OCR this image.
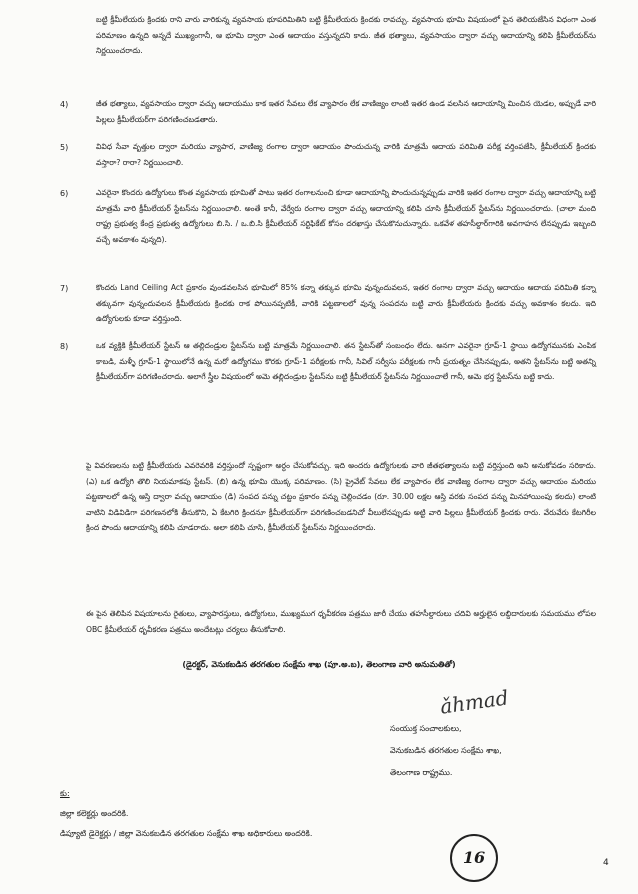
బట్టి క్రీమీలేయరు క్రిందకు రాని వారు వారికున్న వ్యవసాయ భూపరిమితిని బట్టి క్రీమీలేయరు క్రిందకు రావచ్చు. వ్యవసాయ భూమి విషయంలో పైన తెలియజేసిన విధంగా ఎంత పరిమాణం ఉన్నది అన్నదే ముఖ్యంగానీ, ఆ భూమి ద్వారా ఎంత ఆదాయం వస్తున్నదని కాదు. జీత భత్యాలు, వ్యవసాయం ద్వారా వచ్చు ఆదాయాన్ని కలిపి క్రీమీలేయర్‌ను నిర్ణయించరాదు.

4)	జీత భత్యాలు, వ్యవసాయం ద్వారా వచ్చు ఆదాయము కాక ఇతర సేవలు లేక వ్యాపారం లేక వాణిజ్యం లాంటి ఇతర ఉండ వలసిన ఆదాయాన్ని మించిన యెడల, అప్పుడే వారి పిల్లలు క్రీమీలేయర్‌గా పరిగణించబడతారు.

5)	వివిధ సేవా వృత్తుల ద్వారా మరియు వ్యాపార, వాణిజ్య రంగాల ద్వారా ఆదాయం పొందుచున్న వారికి మాత్రమే ఆదాయ పరిమితి పరీక్ష వర్తింపజేసి, క్రీమీలేయర్ క్రిందకు వస్తారా? రారా? నిర్ణయించాలి.

6)	ఎవరైనా కొందరు ఉద్యోగులు కొంత వ్యవసాయ భూమితో పాటు ఇతర రంగాలనుంచి కూడా ఆదాయాన్ని పొందుచున్నప్పుడు వారికి ఇతర రంగాల ద్వారా వచ్చు ఆదాయాన్ని బట్టి మాత్రమే వారి క్రీమీలేయర్ స్టేటస్‌ను నిర్ణయించాలి. అంతే కానీ, వేర్వేరు రంగాల ద్వారా వచ్చు ఆదాయాన్ని కలిపి చూసి క్రీమీలేయర్ స్టేటస్‌ను నిర్ణయించరాదు. (చాలా మంది రాష్ట్ర ప్రభుత్వ కేంద్ర ప్రభుత్వ ఉద్యోగులు బి.సి. / ఒ.బి.సి క్రీమీలేయర్ సర్టిఫికేట్ కోసం దరఖాస్తు చేసుకొనుచున్నారు. ఒకవేళ తహసీల్దార్‌గారికి అవగాహన లేనప్పుడు ఇబ్బంది వచ్చే అవకాశం వున్నది).

7)	కొందరు Land Ceiling Act ప్రకారం వుండవలసిన భూమిలో 85% కన్నా తక్కువ భూమి వున్నందువలన, ఇతర రంగాల ద్వారా వచ్చు ఆదాయం ఆదాయ పరిమితి కన్నా తక్కువగా వున్నందువలన క్రీమీలేయరు క్రిందకు రాక పోయినప్పటికీ, వారికి పట్టణాలలో వున్న సంపదను బట్టి వారు క్రీమీలేయరు క్రిందకు వచ్చు అవకాశం కలదు. ఇది ఉద్యోగులకు కూడా వర్తిస్తుంది.

8)	ఒక వ్యక్తికి క్రీమీలేయర్ స్టేటస్ ఆ తల్లిదండ్రుల స్టేటస్‌ను బట్టి మాత్రమే నిర్ణయించాలి. తన స్టేటస్‌తో సంబంధం లేదు. అనగా ఎవరైనా గ్రూప్-1 స్థాయి ఉద్యోగమునకు ఎంపిక కాబడి, మళ్ళీ గ్రూప్-1 స్థాయిలోనే ఉన్న మరో ఉద్యోగము కొరకు గ్రూప్-1 పరీక్షలకు గానీ, సివిల్ సర్వీసు పరీక్షలకు గానీ ప్రయత్నం చేసినప్పుడు, అతని స్టేటస్‌ను బట్టి అతన్ని క్రీమీలేయర్‌గా పరిగణించరాదు. అలాగే స్త్రీల విషయంలో అమె తల్లిదండ్రుల స్టేటస్‌ను బట్టి క్రీమీలేయర్ స్టేటస్‌ను నిర్ణయించాలే గానీ, అమె భర్త స్టేటస్‌ను బట్టి కాదు.

పై వివరణలను బట్టి క్రీమీలేయరు ఎవరెవరికి వర్తిస్తుందో స్పష్టంగా అర్ధం చేసుకోవచ్చు. ఇది అందరు ఉద్యోగులకు వారి జీతభత్యాలను బట్టి వర్తిస్తుంది అని అనుకోవడం సరికాదు. (ఎ) ఒక ఉద్యోగి తొలి నియమాకపు స్టేటస్. (బి) ఉన్న భూమి యొక్క పరిమాణం. (సి) ప్రైవేట్ సేవలు లేక వ్యాపారం లేక వాణిజ్య రంగాల ద్వారా వచ్చు ఆదాయం మరియు పట్టణాలలో ఉన్న ఆస్తి ద్వారా వచ్చు ఆదాయం (డి) సంపద పన్ను చట్టం ప్రకారం పన్ను చెల్లించడం (రూ. 30.00 లక్షల ఆస్తి వరకు సంపద పన్ను మినహాయింపు కలదు) లాంటి వాటిని విడివిడిగా పరిగణనలోకి తీసుకొని, ఏ కేటగిరి క్రిందనూ క్రీమీలేయర్‌గా పరిగణించబడనిచో వీలులేనప్పుడు అట్టి వారి పిల్లలు క్రీమీలేయర్ క్రిందకు రారు. వేరువేరు కేటగిరీల క్రింద పొందు ఆదాయాన్ని కలిపి చూడరాదు. అలా కలిపి చూసి, క్రీమీలేయర్ స్టేటస్‌ను నిర్ణయించరాదు.

ఈ పైన తెలిపిన విషయాలను రైతులు, వ్యాపారస్తులు, ఉద్యోగులు, ముఖ్యముగ ధృవీకరణ పత్రము జారీ చేయు తహసీల్దారులు చదివి అర్హులైన లబ్దిదారులకు సమయము లోపల OBC క్రీమీలేయర్ ధృవీకరణ పత్రము అందేటట్లు చర్యలు తీసుకోవాలి.

(డైరక్టర్, వెనుకబడిన తరగతుల సంక్షేమ శాఖ (పూ.అ.బ), తెలంగాణ వారి అనుమతితో)
ǎhmad
సంయుక్త సంచాలకులు,
వెనుకబడిన తరగతుల సంక్షేమ శాఖ,
తెలంగాణ రాష్ట్రము.
కు:
జిల్లా కలెక్టర్లు అందరికి.
డిప్యూటి డైరెక్టర్లు / జిల్లా వెనుకబడిన తరగతుల సంక్షేమ శాఖ అధికారులు అందరికి.
16	4
